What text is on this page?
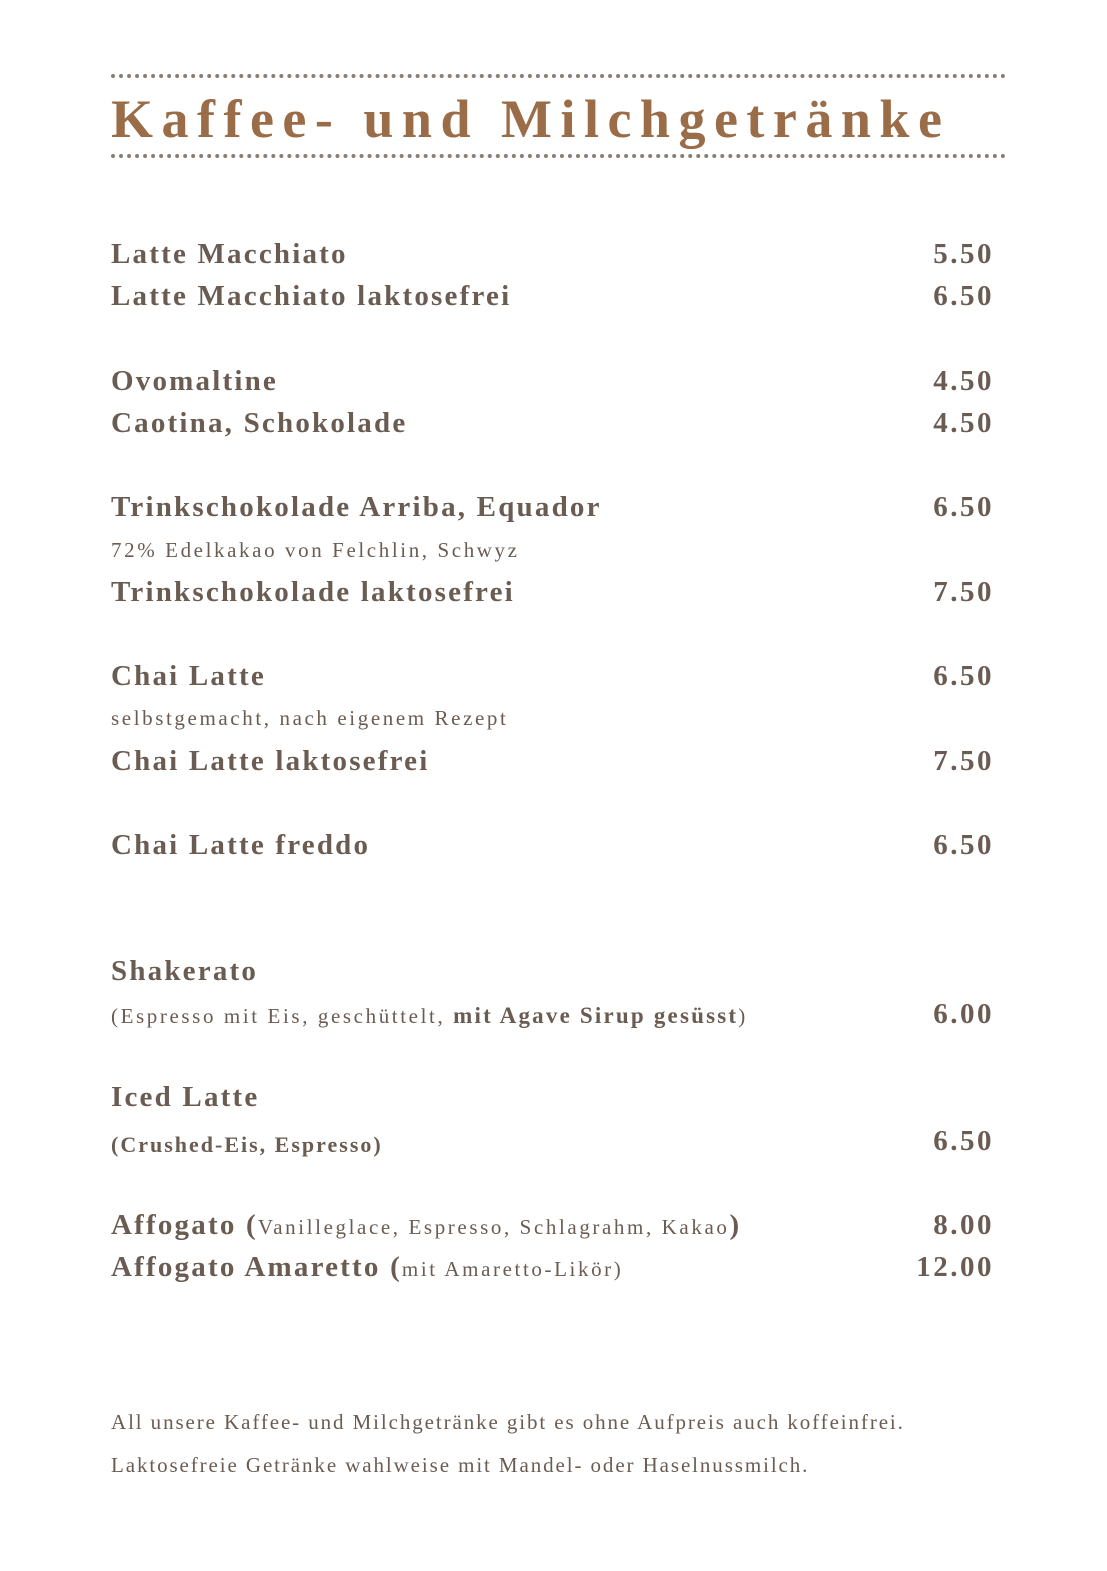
Kaffee- und Milchgetränke
Latte Macchiato	5.50
Latte Macchiato laktosefrei	6.50
Ovomaltine	4.50
Caotina, Schokolade	4.50
Trinkschokolade Arriba, Equador	6.50
72% Edelkakao von Felchlin, Schwyz
Trinkschokolade laktosefrei	7.50
Chai Latte	6.50
selbstgemacht, nach eigenem Rezept
Chai Latte laktosefrei	7.50
Chai Latte freddo	6.50
Shakerato
(Espresso mit Eis, geschüttelt, mit Agave Sirup gesüsst)	6.00
Iced Latte
(Crushed-Eis, Espresso)	6.50
Affogato (Vanilleglace, Espresso, Schlagrahm, Kakao)	8.00
Affogato Amaretto (mit Amaretto-Likör)	12.00
All unsere Kaffee- und Milchgetränke gibt es ohne Aufpreis auch koffeinfrei.
Laktosefreie Getränke wahlweise mit Mandel- oder Haselnussmilch.
